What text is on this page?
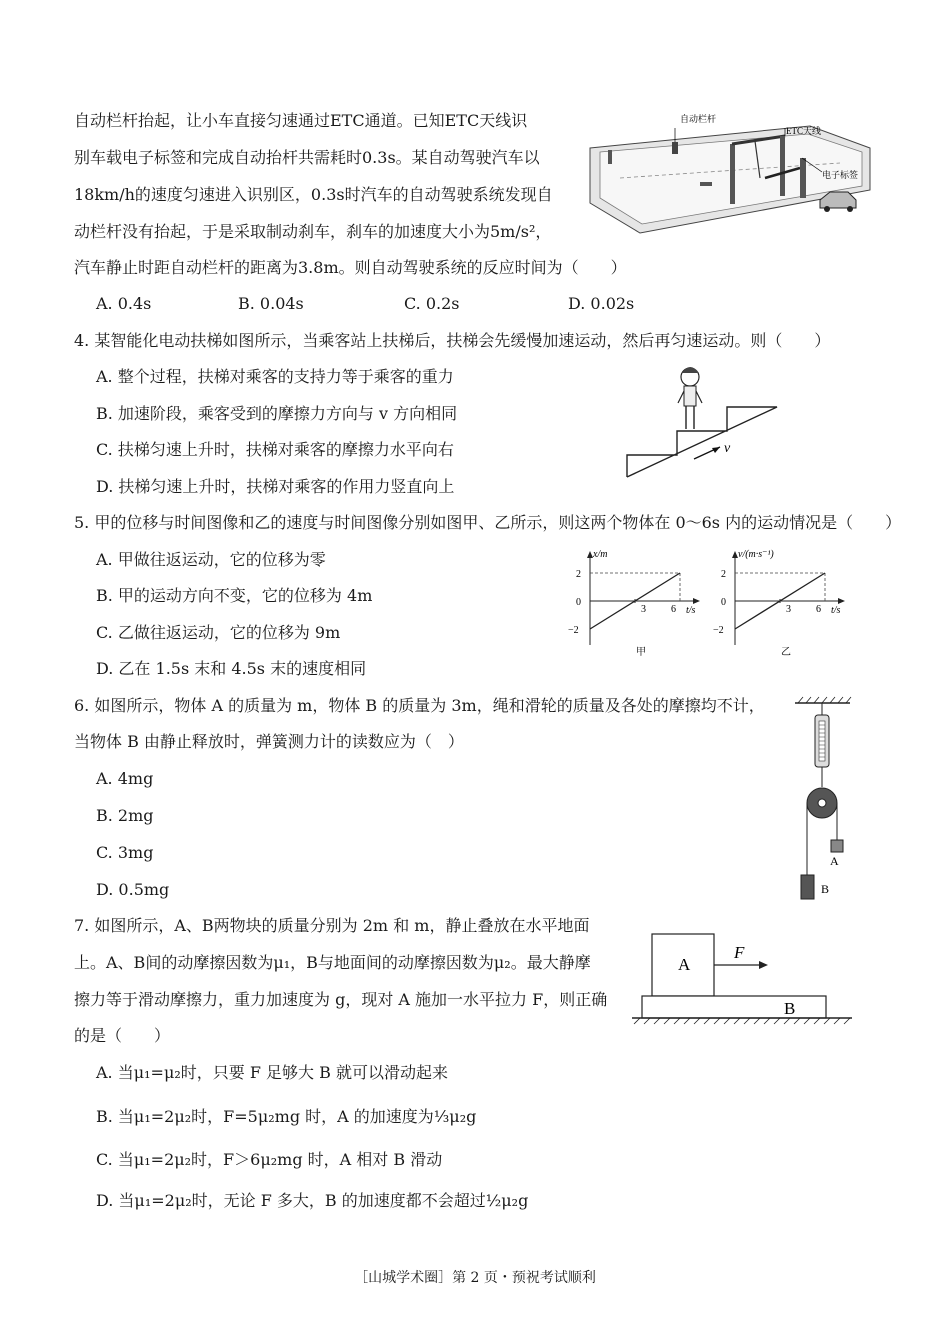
自动栏杆抬起，让小车直接匀速通过ETC通道。已知ETC天线识
别车载电子标签和完成自动抬杆共需耗时0.3s。某自动驾驶汽车以
18km/h的速度匀速进入识别区，0.3s时汽车的自动驾驶系统发现自
动栏杆没有抬起，于是采取制动刹车，刹车的加速度大小为5m/s²，
汽车静止时距自动栏杆的距离为3.8m。则自动驾驶系统的反应时间为（　　）
A. 0.4s	B. 0.04s	C. 0.2s	D. 0.02s
自动栏杆
ETC天线
电子标签
4. 某智能化电动扶梯如图所示，当乘客站上扶梯后，扶梯会先缓慢加速运动，然后再匀速运动。则（　　）
A. 整个过程，扶梯对乘客的支持力等于乘客的重力
B. 加速阶段，乘客受到的摩擦力方向与 v 方向相同
C. 扶梯匀速上升时，扶梯对乘客的摩擦力水平向右
D. 扶梯匀速上升时，扶梯对乘客的作用力竖直向上
v
5. 甲的位移与时间图像和乙的速度与时间图像分别如图甲、乙所示，则这两个物体在 0～6s 内的运动情况是（　　）
A. 甲做往返运动，它的位移为零
B. 甲的运动方向不变，它的位移为 4m
C. 乙做往返运动，它的位移为 9m
D. 乙在 1.5s 末和 4.5s 末的速度相同
x/m
t/s
2
0
−2
3	6
甲
v/(m·s⁻¹)
t/s
2
0
−2
3	6
乙
6. 如图所示，物体 A 的质量为 m，物体 B 的质量为 3m，绳和滑轮的质量及各处的摩擦均不计，
当物体 B 由静止释放时，弹簧测力计的读数应为（　）
A. 4mg
B. 2mg
C. 3mg
D. 0.5mg
A
B
7. 如图所示，A、B两物块的质量分别为 2m 和 m，静止叠放在水平地面
上。A、B间的动摩擦因数为μ₁，B与地面间的动摩擦因数为μ₂。最大静摩
擦力等于滑动摩擦力，重力加速度为 g，现对 A 施加一水平拉力 F，则正确
的是（　　）
A. 当μ₁=μ₂时，只要 F 足够大 B 就可以滑动起来
B. 当μ₁=2μ₂时，F=5μ₂mg 时，A 的加速度为⅓μ₂g
C. 当μ₁=2μ₂时，F＞6μ₂mg 时，A 相对 B 滑动
D. 当μ₁=2μ₂时，无论 F 多大，B 的加速度都不会超过½μ₂g
A
F
B
［山城学术圈］第 2 页・预祝考试顺利
